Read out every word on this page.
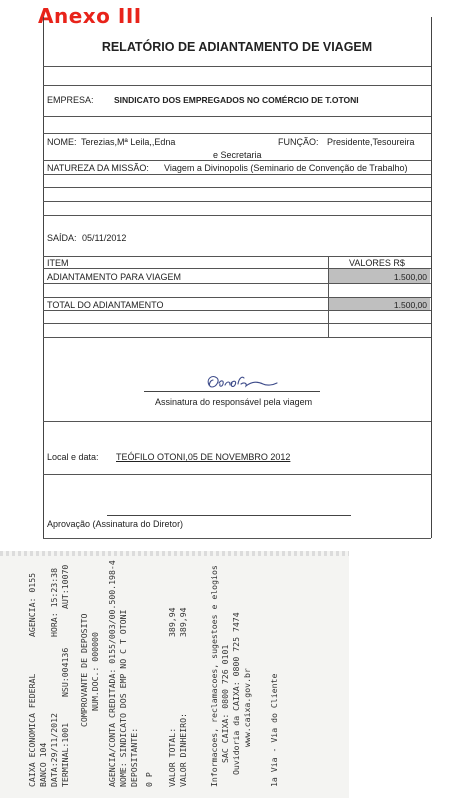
Anexo III
RELATÓRIO DE ADIANTAMENTO DE VIAGEM
EMPRESA: SINDICATO DOS EMPREGADOS NO COMÉRCIO DE T.OTONI
NOME: Terezias,Mª Leila,,Edna	FUNÇÃO: Presidente,Tesoureira
e Secretaria
NATUREZA DA MISSÃO: Viagem a Divinopolis (Seminario de Convenção de Trabalho)
SAÍDA: 05/11/2012
ITEM	VALORES R$
ADIANTAMENTO PARA VIAGEM	1.500,00
TOTAL DO ADIANTAMENTO	1.500,00
Assinatura do responsável pela viagem
Local e data: TEÓFILO OTONI,05 DE NOVEMBRO 2012
Aprovação (Assinatura do Diretor)
CAIXA ECONOMICA FEDERAL
AGENCIA: 0155
BANCO 104 DATA:29/11/2012
HORA: 15:23:38
TERMINAL:1001
NSU:004136
AUT:10070
COMPROVANTE DE DEPOSITO NUM.DOC.: 000000 AGENCIA/CONTA CREDITADA: 0155/003/00.500.198-4 NOME: SINDICATO DOS EMP NO C T OTONI DEPOSITANTE: 0 P VALOR TOTAL:
389,94
VALOR DINHEIRO:
389,94	Informacoes, reclamacoes, sugestoes e elogios SAC CAIXA: 0800 726 0101 Ouvidoria da CAIXA: 0800 725 7474 www.caixa.gov.br 1a Via - Via do Cliente
